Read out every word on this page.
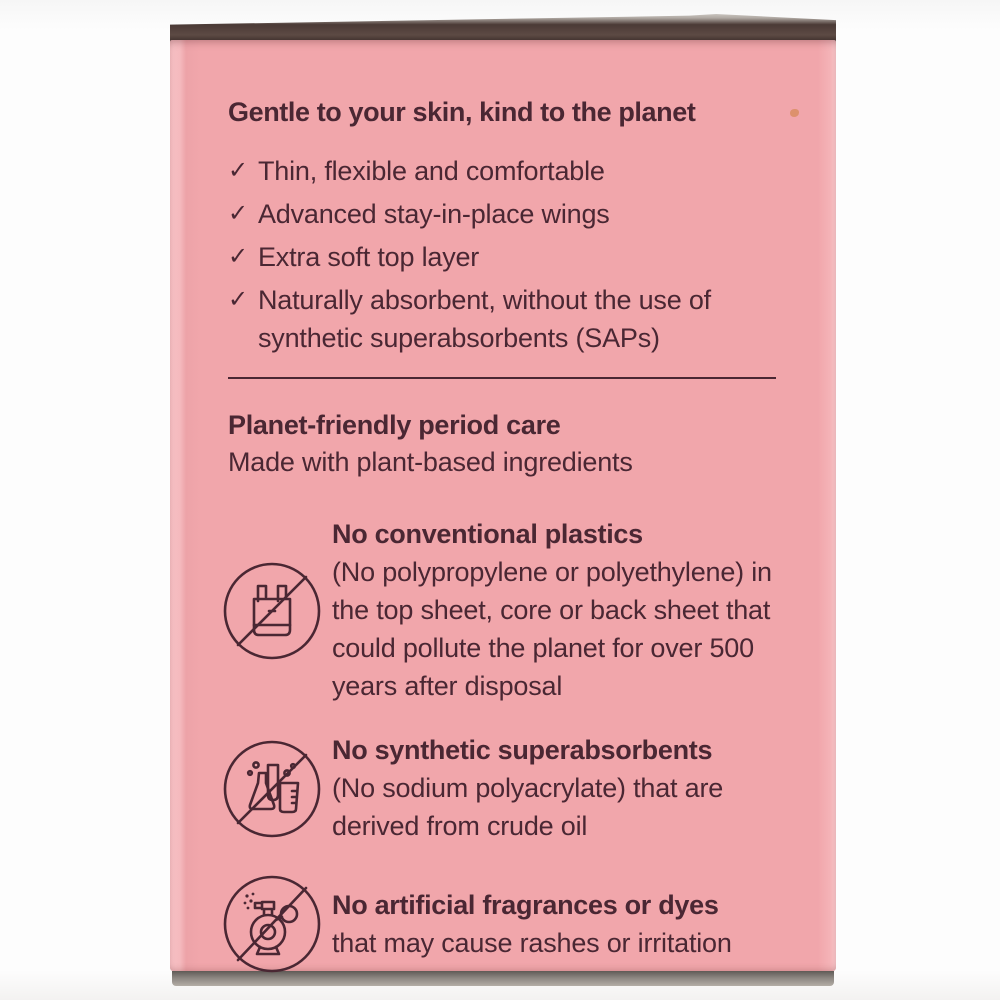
Gentle to your skin, kind to the planet
✓ Thin, flexible and comfortable
✓ Advanced stay-in-place wings
✓ Extra soft top layer
✓ Naturally absorbent, without the use of synthetic superabsorbents (SAPs)
Planet-friendly period care

Made with plant-based ingredients

No conventional plastics

(No polypropylene or polyethylene) in the top sheet, core or back sheet that could pollute the planet for over 500 years after disposal

No synthetic superabsorbents

(No sodium polyacrylate) that are derived from crude oil

No artificial fragrances or dyes

that may cause rashes or irritation
